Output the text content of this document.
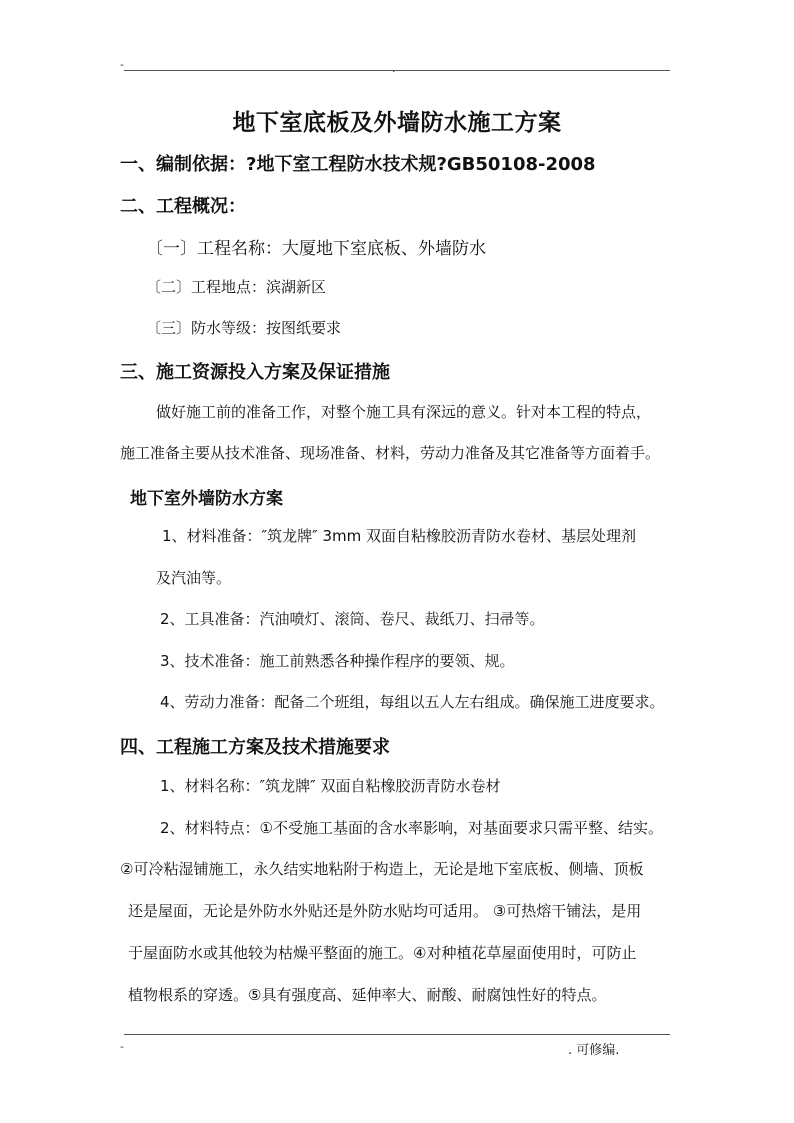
-	.
地下室底板及外墙防水施工方案
一、编制依据：?地下室工程防水技术规?GB50108-2008
二、工程概况：
〔一〕工程名称：大厦地下室底板、外墙防水
〔二〕工程地点：滨湖新区
〔三〕防水等级：按图纸要求
三、施工资源投入方案及保证措施
做好施工前的准备工作，对整个施工具有深远的意义。针对本工程的特点，
施工准备主要从技术准备、现场准备、材料，劳动力准备及其它准备等方面着手。
地下室外墙防水方案
1、材料准备：″筑龙牌″ 3mm 双面自粘橡胶沥青防水卷材、基层处理剂
及汽油等。
2、工具准备：汽油喷灯、滚筒、卷尺、裁纸刀、扫帚等。
3、技术准备：施工前熟悉各种操作程序的要领、规。
4、劳动力准备：配备二个班组，每组以五人左右组成。确保施工进度要求。
四、工程施工方案及技术措施要求
1、材料名称：″筑龙牌″ 双面自粘橡胶沥青防水卷材
2、材料特点：①不受施工基面的含水率影响，对基面要求只需平整、结实。
②可冷粘湿铺施工，永久结实地粘附于构造上，无论是地下室底板、侧墙、顶板
还是屋面，无论是外防水外贴还是外防水贴均可适用。 ③可热熔干铺法，是用
于屋面防水或其他较为枯燥平整面的施工。④对种植花草屋面使用时，可防止
植物根系的穿透。⑤具有强度高、延伸率大、耐酸、耐腐蚀性好的特点。
-	. 可修编.
